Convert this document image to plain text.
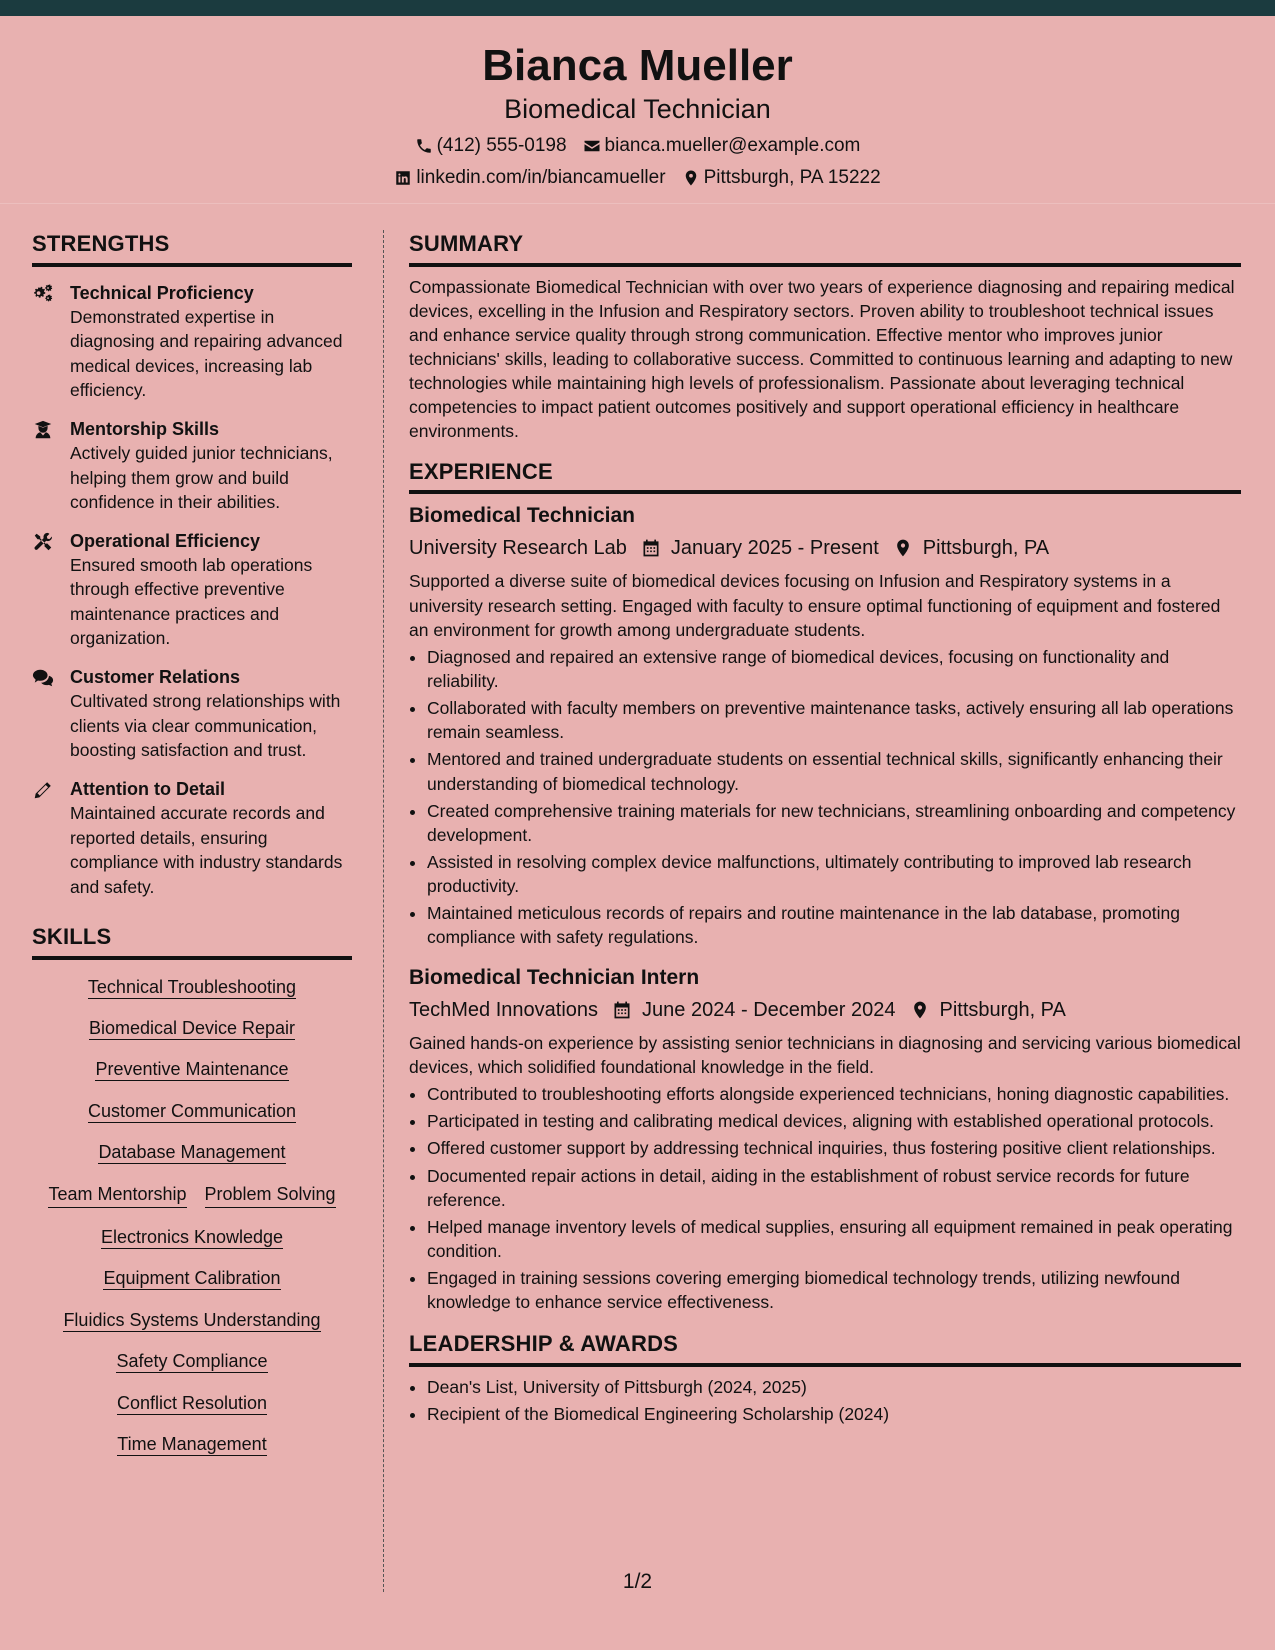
Bianca Mueller
Biomedical Technician
(412) 555-0198 bianca.mueller@example.com
linkedin.com/in/biancamueller Pittsburgh, PA 15222
STRENGTHS
Technical Proficiency
Demonstrated expertise in diagnosing and repairing advanced medical devices, increasing lab efficiency.
Mentorship Skills
Actively guided junior technicians, helping them grow and build confidence in their abilities.
Operational Efficiency
Ensured smooth lab operations through effective preventive maintenance practices and organization.
Customer Relations
Cultivated strong relationships with clients via clear communication, boosting satisfaction and trust.
Attention to Detail
Maintained accurate records and reported details, ensuring compliance with industry standards and safety.
SKILLS
Technical Troubleshooting
Biomedical Device Repair
Preventive Maintenance
Customer Communication
Database Management
Team Mentorship Problem Solving
Electronics Knowledge
Equipment Calibration
Fluidics Systems Understanding
Safety Compliance
Conflict Resolution
Time Management
SUMMARY

Compassionate Biomedical Technician with over two years of experience diagnosing and repairing medical devices, excelling in the Infusion and Respiratory sectors. Proven ability to troubleshoot technical issues and enhance service quality through strong communication. Effective mentor who improves junior technicians' skills, leading to collaborative success. Committed to continuous learning and adapting to new technologies while maintaining high levels of professionalism. Passionate about leveraging technical competencies to impact patient outcomes positively and support operational efficiency in healthcare environments.

EXPERIENCE
Biomedical Technician
University Research Lab January 2025 - Present Pittsburgh, PA

Supported a diverse suite of biomedical devices focusing on Infusion and Respiratory systems in a university research setting. Engaged with faculty to ensure optimal functioning of equipment and fostered an environment for growth among undergraduate students.

• Diagnosed and repaired an extensive range of biomedical devices, focusing on functionality and reliability.
• Collaborated with faculty members on preventive maintenance tasks, actively ensuring all lab operations remain seamless.
• Mentored and trained undergraduate students on essential technical skills, significantly enhancing their understanding of biomedical technology.
• Created comprehensive training materials for new technicians, streamlining onboarding and competency development.
• Assisted in resolving complex device malfunctions, ultimately contributing to improved lab research productivity.
• Maintained meticulous records of repairs and routine maintenance in the lab database, promoting compliance with safety regulations.
Biomedical Technician Intern
TechMed Innovations June 2024 - December 2024 Pittsburgh, PA

Gained hands-on experience by assisting senior technicians in diagnosing and servicing various biomedical devices, which solidified foundational knowledge in the field.

• Contributed to troubleshooting efforts alongside experienced technicians, honing diagnostic capabilities.
• Participated in testing and calibrating medical devices, aligning with established operational protocols.
• Offered customer support by addressing technical inquiries, thus fostering positive client relationships.
• Documented repair actions in detail, aiding in the establishment of robust service records for future reference.
• Helped manage inventory levels of medical supplies, ensuring all equipment remained in peak operating condition.
• Engaged in training sessions covering emerging biomedical technology trends, utilizing newfound knowledge to enhance service effectiveness.
LEADERSHIP & AWARDS
• Dean's List, University of Pittsburgh (2024, 2025)
• Recipient of the Biomedical Engineering Scholarship (2024)
1/2
